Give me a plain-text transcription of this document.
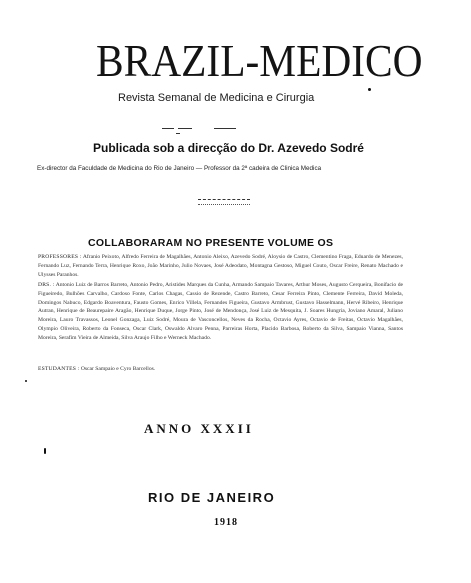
BRAZIL-MEDICO
Revista Semanal de Medicina e Cirurgia
Publicada sob a direcção do Dr. Azevedo Sodré
Ex-director da Faculdade de Medicina do Rio de Janeiro — Professor da 2ª cadeira de Clinica Medica
COLLABORARAM NO PRESENTE VOLUME OS
PROFESSORES : Afranio Peixoto, Alfredo Ferreira de Magalhães, Antonio Aleixo, Azevedo Sodré, Aloysio de Castro, Clementino Fraga, Eduardo de Menezes, Fernando Luz, Fernando Terra, Henrique Roxo, João Marinho, Julio Novaes, José Adeodato, Montagna Gestoso, Miguel Couto, Oscar Freire, Renato Machado e Ulysses Paranhos.
DRS. : Antonio Luiz de Barros Barreto, Antonio Pedro, Aristides Marques da Cunha, Armando Sampaio Tavares, Arthur Moses, Augusto Cerqueira, Bonifacio de Figueiredo, Bulhões Carvalho, Cardoso Fonte, Carlos Chagas, Cassio de Rezende, Castro Barreto, Cesar Ferreira Pinto, Clemente Ferreira, David Moleda, Domingos Nabuco, Edgardo Boaventura, Fausto Gomes, Enrico Villela, Fernandes Figueira, Gustavo Armbrust, Gustavo Hasselmann, Hervé Ribeiro, Henrique Autran, Henrique de Beaurepaire Aragão, Henrique Duque, Jorge Pinto, José de Mendonça, José Luiz de Mesquita, J. Soares Hungria, Joviano Amaral, Juliano Moreira, Lauro Travassos, Leonel Gonzaga, Luiz Sodré, Moura de Vasconcellos, Neves da Rocha, Octavio Ayres, Octavio de Freitas, Octavio Magalhães, Olympio Oliveira, Roberto da Fonseca, Oscar Clark, Oswaldo Alvaro Penna, Parreiras Horta, Placido Barbosa, Roberto da Silva, Sampaio Vianna, Santos Moreira, Serafim Vieira de Almeida, Silva Araujo Filho e Werneck Machado.
ESTUDANTES : Oscar Sampaio e Cyro Barcellos.
ANNO XXXII
RIO DE JANEIRO
1918
